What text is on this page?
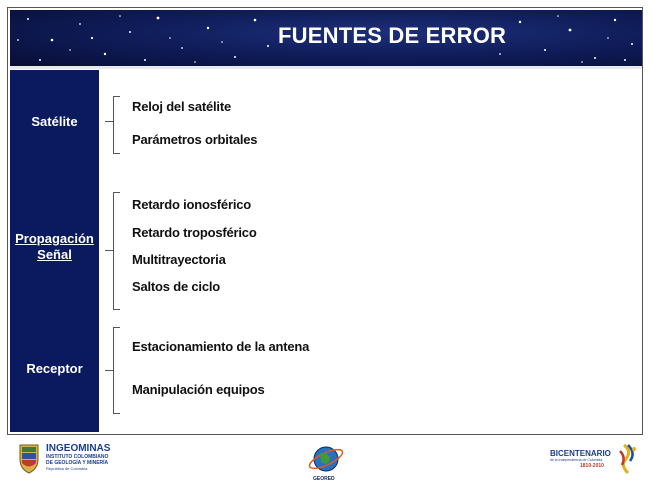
FUENTES DE ERROR
Satélite
Propagación
Señal
Receptor
Reloj del satélite
Parámetros orbitales
Retardo ionosférico
Retardo troposférico
Multitrayectoria
Saltos de ciclo
Estacionamiento de la antena
Manipulación equipos
INGEOMINAS
INSTITUTO COLOMBIANO
DE GEOLOGÍA Y MINERÍA
República de Colombia
GEORED
BICENTENARIO
de la Independencia de Colombia
1810-2010
